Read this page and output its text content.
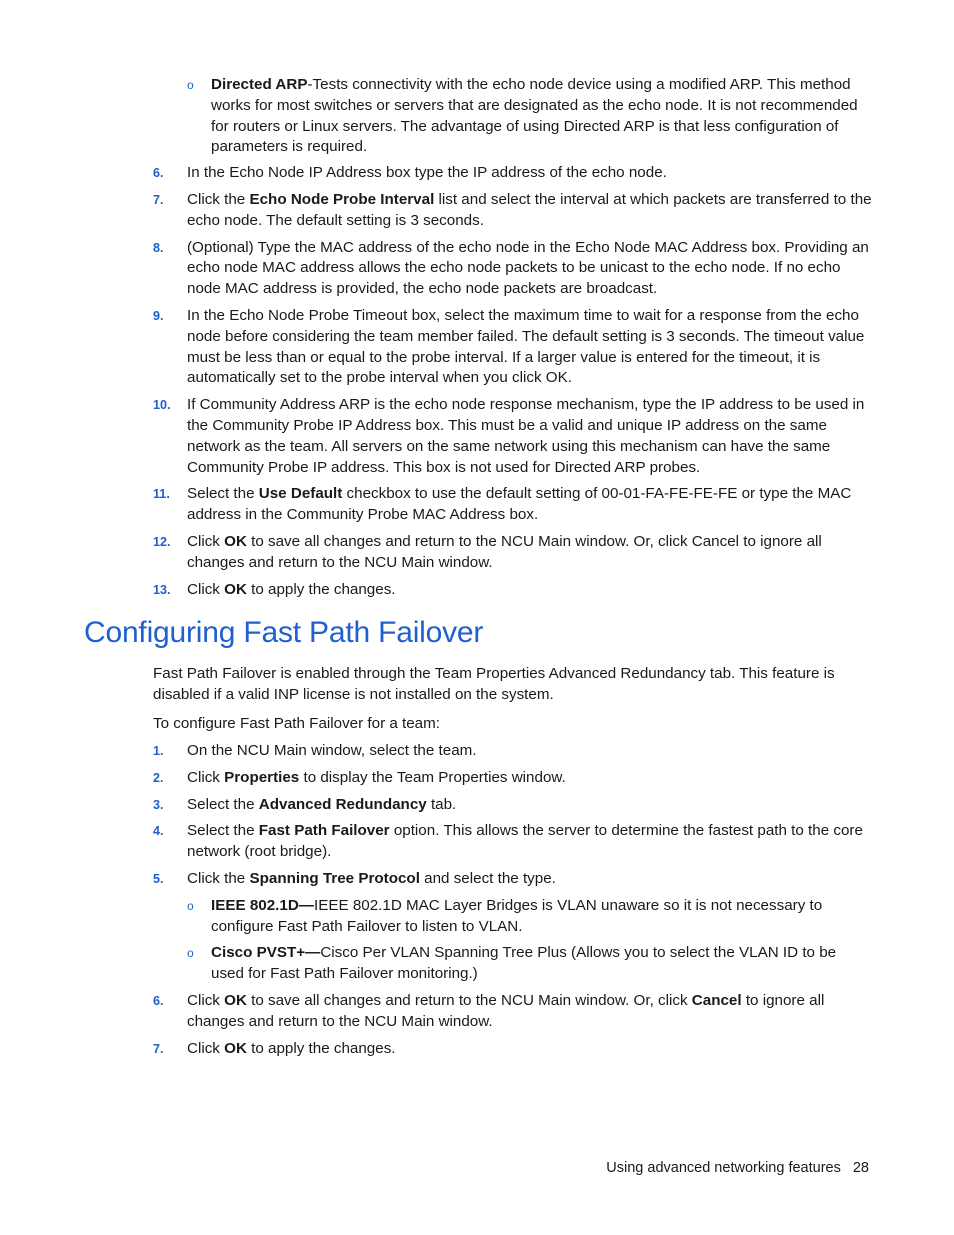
o Directed ARP-Tests connectivity with the echo node device using a modified ARP. This method works for most switches or servers that are designated as the echo node. It is not recommended for routers or Linux servers. The advantage of using Directed ARP is that less configuration of parameters is required.
6. In the Echo Node IP Address box type the IP address of the echo node.
7. Click the Echo Node Probe Interval list and select the interval at which packets are transferred to the echo node. The default setting is 3 seconds.
8. (Optional) Type the MAC address of the echo node in the Echo Node MAC Address box. Providing an echo node MAC address allows the echo node packets to be unicast to the echo node. If no echo node MAC address is provided, the echo node packets are broadcast.
9. In the Echo Node Probe Timeout box, select the maximum time to wait for a response from the echo node before considering the team member failed. The default setting is 3 seconds. The timeout value must be less than or equal to the probe interval. If a larger value is entered for the timeout, it is automatically set to the probe interval when you click OK.
10. If Community Address ARP is the echo node response mechanism, type the IP address to be used in the Community Probe IP Address box. This must be a valid and unique IP address on the same network as the team. All servers on the same network using this mechanism can have the same Community Probe IP address. This box is not used for Directed ARP probes.
11. Select the Use Default checkbox to use the default setting of 00-01-FA-FE-FE-FE or type the MAC address in the Community Probe MAC Address box.
12. Click OK to save all changes and return to the NCU Main window. Or, click Cancel to ignore all changes and return to the NCU Main window.
13. Click OK to apply the changes.
Configuring Fast Path Failover

Fast Path Failover is enabled through the Team Properties Advanced Redundancy tab. This feature is disabled if a valid INP license is not installed on the system.

To configure Fast Path Failover for a team:

1. On the NCU Main window, select the team.
2. Click Properties to display the Team Properties window.
3. Select the Advanced Redundancy tab.
4. Select the Fast Path Failover option. This allows the server to determine the fastest path to the core network (root bridge).
5. Click the Spanning Tree Protocol and select the type.
o IEEE 802.1D—IEEE 802.1D MAC Layer Bridges is VLAN unaware so it is not necessary to configure Fast Path Failover to listen to VLAN.
o Cisco PVST+—Cisco Per VLAN Spanning Tree Plus (Allows you to select the VLAN ID to be used for Fast Path Failover monitoring.)
6. Click OK to save all changes and return to the NCU Main window. Or, click Cancel to ignore all changes and return to the NCU Main window.
7. Click OK to apply the changes.
Using advanced networking features 28
